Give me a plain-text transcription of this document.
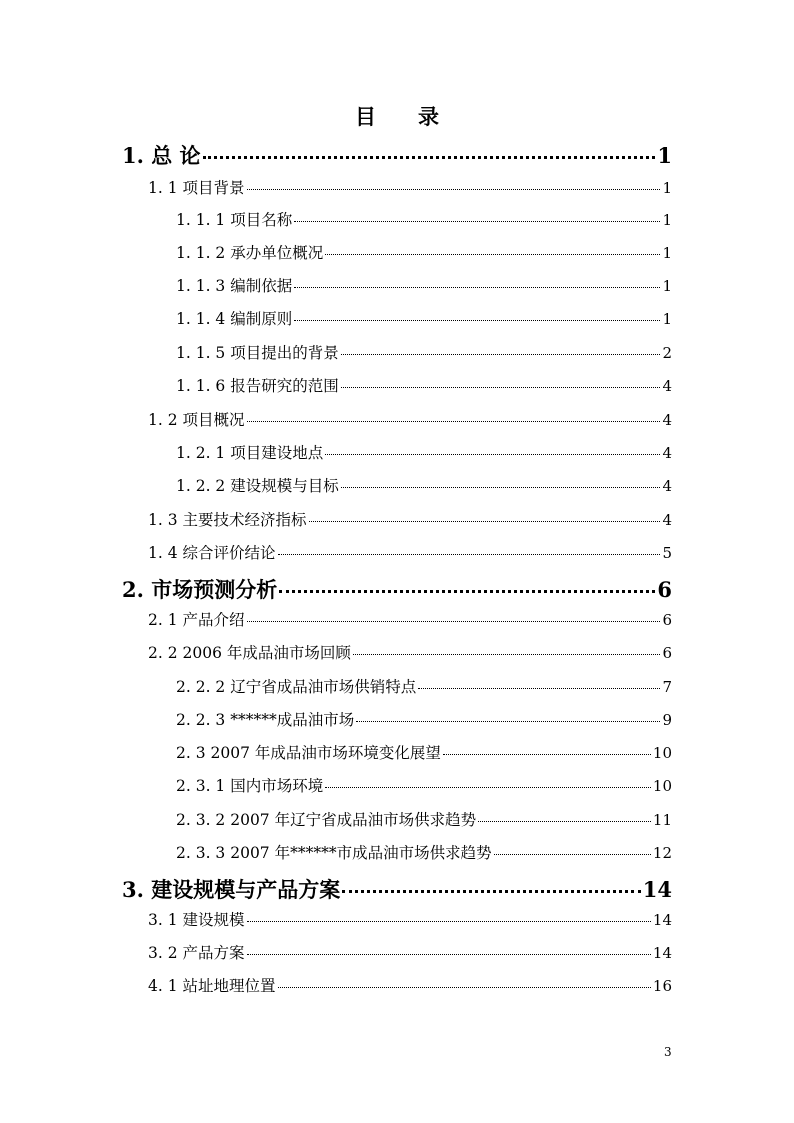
目 录
1. 总 论	1
1. 1 项目背景	1
1. 1. 1 项目名称	1
1. 1. 2 承办单位概况	1
1. 1. 3 编制依据	1
1. 1. 4 编制原则	1
1. 1. 5 项目提出的背景	2
1. 1. 6 报告研究的范围	4
1. 2 项目概况	4
1. 2. 1 项目建设地点	4
1. 2. 2 建设规模与目标	4
1. 3 主要技术经济指标	4
1. 4 综合评价结论	5
2. 市场预测分析	6
2. 1 产品介绍	6
2. 2 2006 年成品油市场回顾	6
2. 2. 2 辽宁省成品油市场供销特点	7
2. 2. 3 ******成品油市场	9
2. 3 2007 年成品油市场环境变化展望	10
2. 3. 1 国内市场环境	10
2. 3. 2 2007 年辽宁省成品油市场供求趋势	11
2. 3. 3 2007 年******市成品油市场供求趋势	12
3. 建设规模与产品方案	14
3. 1 建设规模	14
3. 2 产品方案	14
4. 1 站址地理位置	16
3
